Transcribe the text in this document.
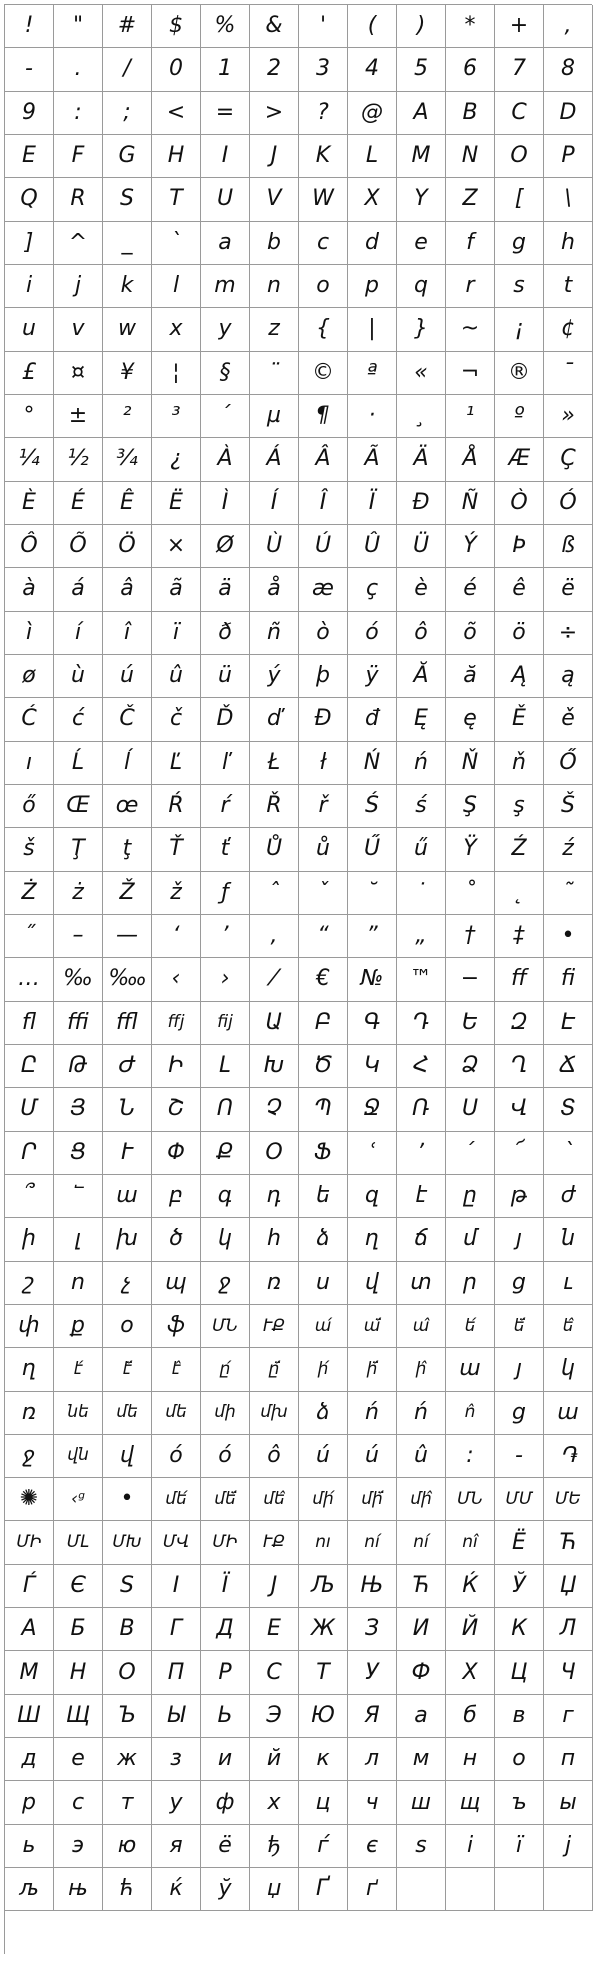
!	"	#	$	%	&	'	(	)	*	+	,
-	.	/	0	1	2	3	4	5	6	7	8
9	:	;	<	=	>	?	@	A	B	C	D
E	F	G	H	I	J	K	L	M	N	O	P
Q	R	S	T	U	V	W	X	Y	Z	[	\
]	^	_	`	a	b	c	d	e	f	g	h
i	j	k	l	m	n	o	p	q	r	s	t
u	v	w	x	y	z	{	|	}	~	¡	¢
£	¤	¥	¦	§	¨	©	ª	«	¬	®	¯
°	±	²	³	´	µ	¶	·	¸	¹	º	»
¼	½	¾	¿	À	Á	Â	Ã	Ä	Å	Æ	Ç
È	É	Ê	Ë	Ì	Í	Î	Ï	Ð	Ñ	Ò	Ó
Ô	Õ	Ö	×	Ø	Ù	Ú	Û	Ü	Ý	Þ	ß
à	á	â	ã	ä	å	æ	ç	è	é	ê	ë
ì	í	î	ï	ð	ñ	ò	ó	ô	õ	ö	÷
ø	ù	ú	û	ü	ý	þ	ÿ	Ă	ă	Ą	ą
Ć	ć	Č	č	Ď	ď	Đ	đ	Ę	ę	Ě	ě
ı	Ĺ	ĺ	Ľ	ľ	Ł	ł	Ń	ń	Ň	ň	Ő
ő	Œ	œ	Ŕ	ŕ	Ř	ř	Ś	ś	Ş	ş	Š
š	Ţ	ţ	Ť	ť	Ů	ů	Ű	ű	Ÿ	Ź	ź
Ż	ż	Ž	ž	ƒ	ˆ	ˇ	˘	˙	˚	˛	˜
˝	–	—	‘	’	‚	“	”	„	†	‡	•
…	‰ ‱	‹	›	⁄	€	№	™	−	ﬀ	ﬁ
ﬂ	ﬃ	ﬄ	ﬀj	ﬁj	Ա	Բ	Գ	Դ	Ե	Զ	Է
Ը	Թ	Ժ	Ի	Լ	Խ	Ծ	Կ	Հ	Ձ	Ղ	Ճ
Մ	Յ	Ն	Շ	Ո	Չ	Պ	Ջ	Ռ	Ս	Վ	Տ
Ր	Ց	Ւ	Փ	Ք	Օ	Ֆ	ՙ	՚	՛	՜	՝
՞	՟	ա	բ	գ	դ	ե	զ	է	ը	թ	ժ
ի	լ	խ	ծ	կ	հ	ձ	ղ	ճ	մ	յ	ն
շ	ո	չ	պ	ջ	ռ	ս	վ	տ	ր	ց	ւ
փ	ք	օ	ֆ	ՄՆ	ՒՔ	ա́	ա̈́	ա̂	ե́	ե̈́	ե̂
ղ	է́	է̈́	է̂	ը́	ը̈́	ի́	ի̈́	ի̂	ա	յ	կ
ռ	նե	մե	մե	մի	մխ	ձ	ń	ń	n̂	ց	ա
ջ	վն	վ	ó	ó	ô	ú	ú	û	:	-	֏
✺	‹ᵍ	•	մե́	մե̈́	մե̂	մի́	մի̈́	մի̂	ՄՆ	ՄՄ	ՄԵ
ՄԻ	ՄԼ	ՄԽ	ՄՎ	ՄԻ	ՒՔ	nı	ní	ní	nî	Ë	Ћ
Ѓ	Є	Ѕ	І	Ї	Ј	Љ	Њ	Ћ	Ќ	Ў	Џ
А	Б	В	Г	Д	Е	Ж	З	И	Й	К	Л
М	Н	О	П	Р	С	Т	У	Ф	Х	Ц	Ч
Ш	Щ	Ъ	Ы	Ь	Э	Ю	Я	а	б	в	г
д	е	ж	з	и	й	к	л	м	н	о	п
р	с	т	у	ф	х	ц	ч	ш	щ	ъ	ы
ь	э	ю	я	ё	ђ	ѓ	є	ѕ	і	ї	ј
љ	њ	ћ	ќ	ў	џ	Ґ	ґ
